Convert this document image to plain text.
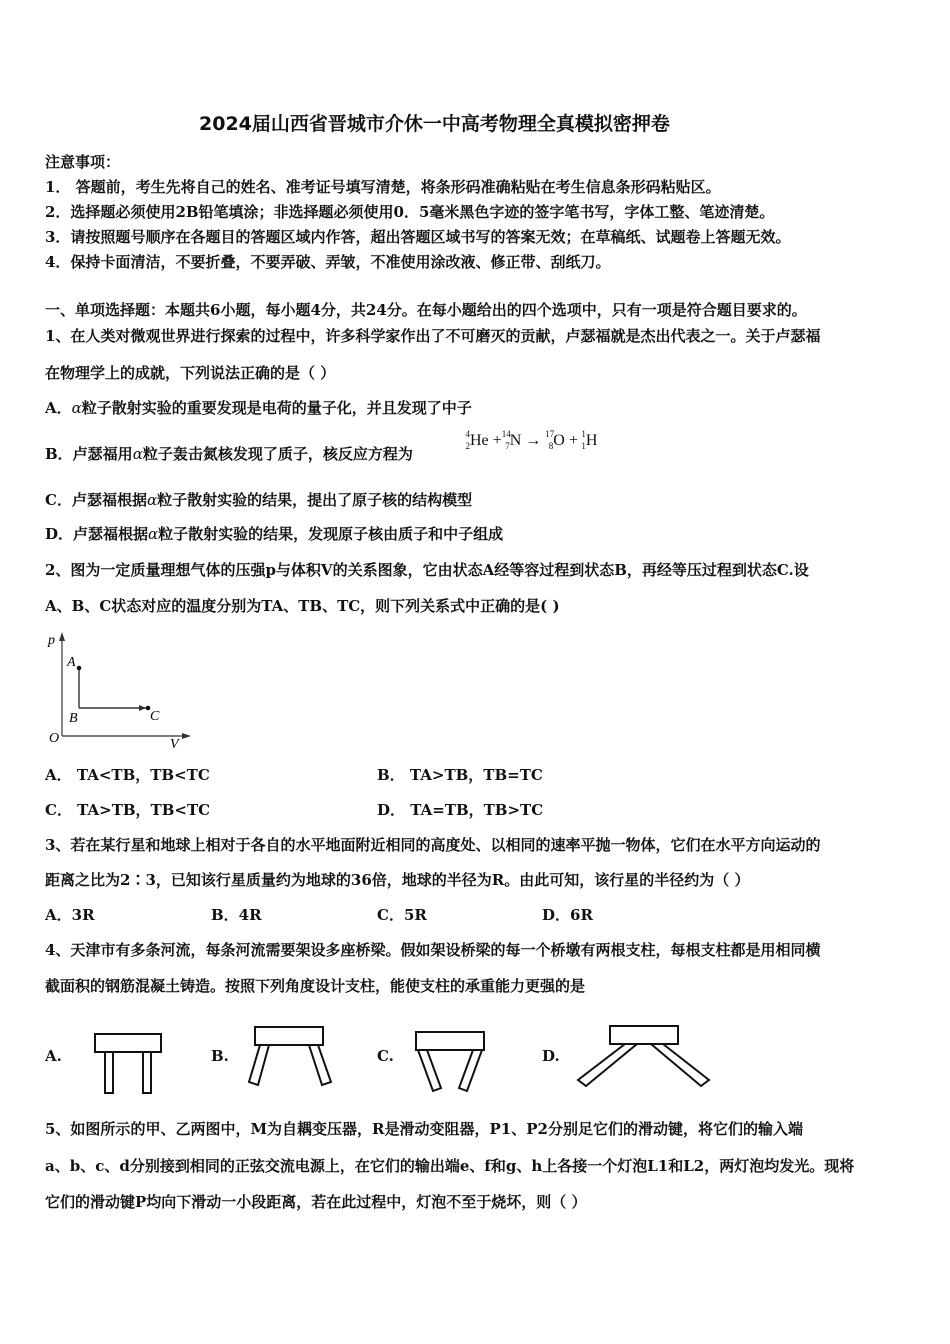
2024届山西省晋城市介休一中高考物理全真模拟密押卷
注意事项：
1． 答题前，考生先将自己的姓名、准考证号填写清楚，将条形码准确粘贴在考生信息条形码粘贴区。
2．选择题必须使用2B铅笔填涂；非选择题必须使用0．5毫米黑色字迹的签字笔书写，字体工整、笔迹清楚。
3．请按照题号顺序在各题目的答题区域内作答，超出答题区域书写的答案无效；在草稿纸、试题卷上答题无效。
4．保持卡面清洁，不要折叠，不要弄破、弄皱，不准使用涂改液、修正带、刮纸刀。
一、单项选择题：本题共6小题，每小题4分，共24分。在每小题给出的四个选项中，只有一项是符合题目要求的。
1、在人类对微观世界进行探索的过程中，许多科学家作出了不可磨灭的贡献，卢瑟福就是杰出代表之一。关于卢瑟福
在物理学上的成就，下列说法正确的是（ ）
A．α粒子散射实验的重要发现是电荷的量子化，并且发现了中子
B．卢瑟福用α粒子轰击氮核发现了质子，核反应方程为
42He +147N → 178O + 11H
C．卢瑟福根据α粒子散射实验的结果，提出了原子核的结构模型
D．卢瑟福根据α粒子散射实验的结果，发现原子核由质子和中子组成
2、图为一定质量理想气体的压强p与体积V的关系图象，它由状态A经等容过程到状态B，再经等压过程到状态C.设
A、B、C状态对应的温度分别为TA、TB、TC，则下列关系式中正确的是( )
p
A
B	C
O	V
A． TA<TB，TB<TC	B． TA>TB，TB=TC
C． TA>TB，TB<TC	D． TA=TB，TB>TC
3、若在某行星和地球上相对于各自的水平地面附近相同的高度处、以相同的速率平抛一物体，它们在水平方向运动的
距离之比为2∶3，已知该行星质量约为地球的36倍，地球的半径为R。由此可知，该行星的半径约为（ ）
A．3R	B．4R	C．5R	D．6R
4、天津市有多条河流，每条河流需要架设多座桥梁。假如架设桥梁的每一个桥墩有两根支柱，每根支柱都是用相同横
截面积的钢筋混凝土铸造。按照下列角度设计支柱，能使支柱的承重能力更强的是
A.	B.	C.	D.
5、如图所示的甲、乙两图中，M为自耦变压器，R是滑动变阻器，P1、P2分别足它们的滑动键，将它们的输入端
a、b、c、d分别接到相同的正弦交流电源上，在它们的输出端e、f和g、h上各接一个灯泡L1和L2，两灯泡均发光。现将
它们的滑动键P均向下滑动一小段距离，若在此过程中，灯泡不至于烧坏，则（ ）
